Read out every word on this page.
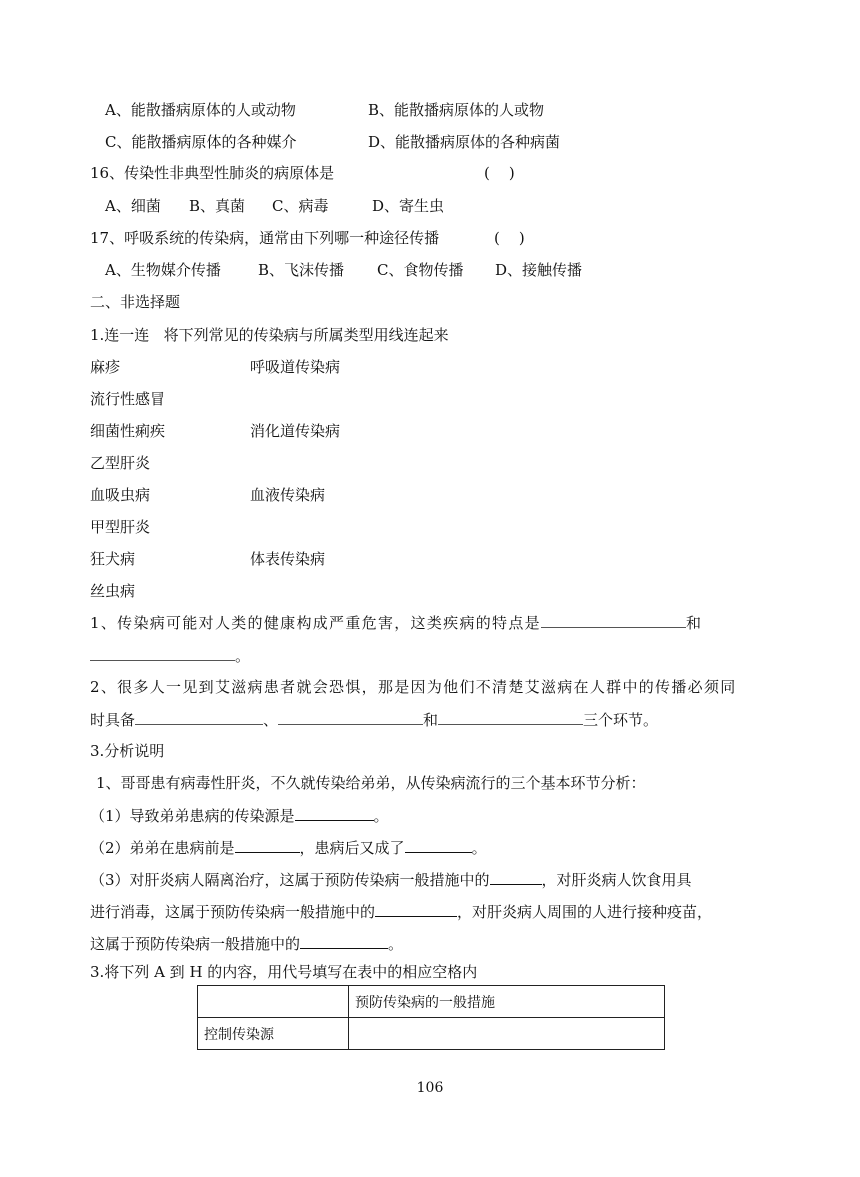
A、能散播病原体的人或动物	B、能散播病原体的人或物
C、能散播病原体的各种媒介	D、能散播病原体的各种病菌
16、传染性非典型性肺炎的病原体是	(    )
A、细菌 B、真菌 C、病毒	D、寄生虫
17、呼吸系统的传染病，通常由下列哪一种途径传播	(    )
A、生物媒介传播 B、飞沫传播 C、食物传播 D、接触传播
二、非选择题
1.连一连   将下列常见的传染病与所属类型用线连起来
麻疹	呼吸道传染病
流行性感冒
细菌性痢疾	消化道传染病
乙型肝炎
血吸虫病	血液传染病
甲型肝炎
狂犬病	体表传染病
丝虫病
1、传染病可能对人类的健康构成严重危害，这类疾病的特点是	和
。
2、很多人一见到艾滋病患者就会恐惧，那是因为他们不清楚艾滋病在人群中的传播必须同
时具备	、	和	三个环节。
3.分析说明
1、哥哥患有病毒性肝炎，不久就传染给弟弟，从传染病流行的三个基本环节分析：
（1）导致弟弟患病的传染源是	。
（2）弟弟在患病前是	，患病后又成了	。
（3）对肝炎病人隔离治疗，这属于预防传染病一般措施中的	，对肝炎病人饮食用具
进行消毒，这属于预防传染病一般措施中的	，对肝炎病人周围的人进行接种疫苗，
这属于预防传染病一般措施中的	。
3.将下列 A 到 H 的内容，用代号填写在表中的相应空格内
	预防传染病的一般措施
控制传染源	
106
